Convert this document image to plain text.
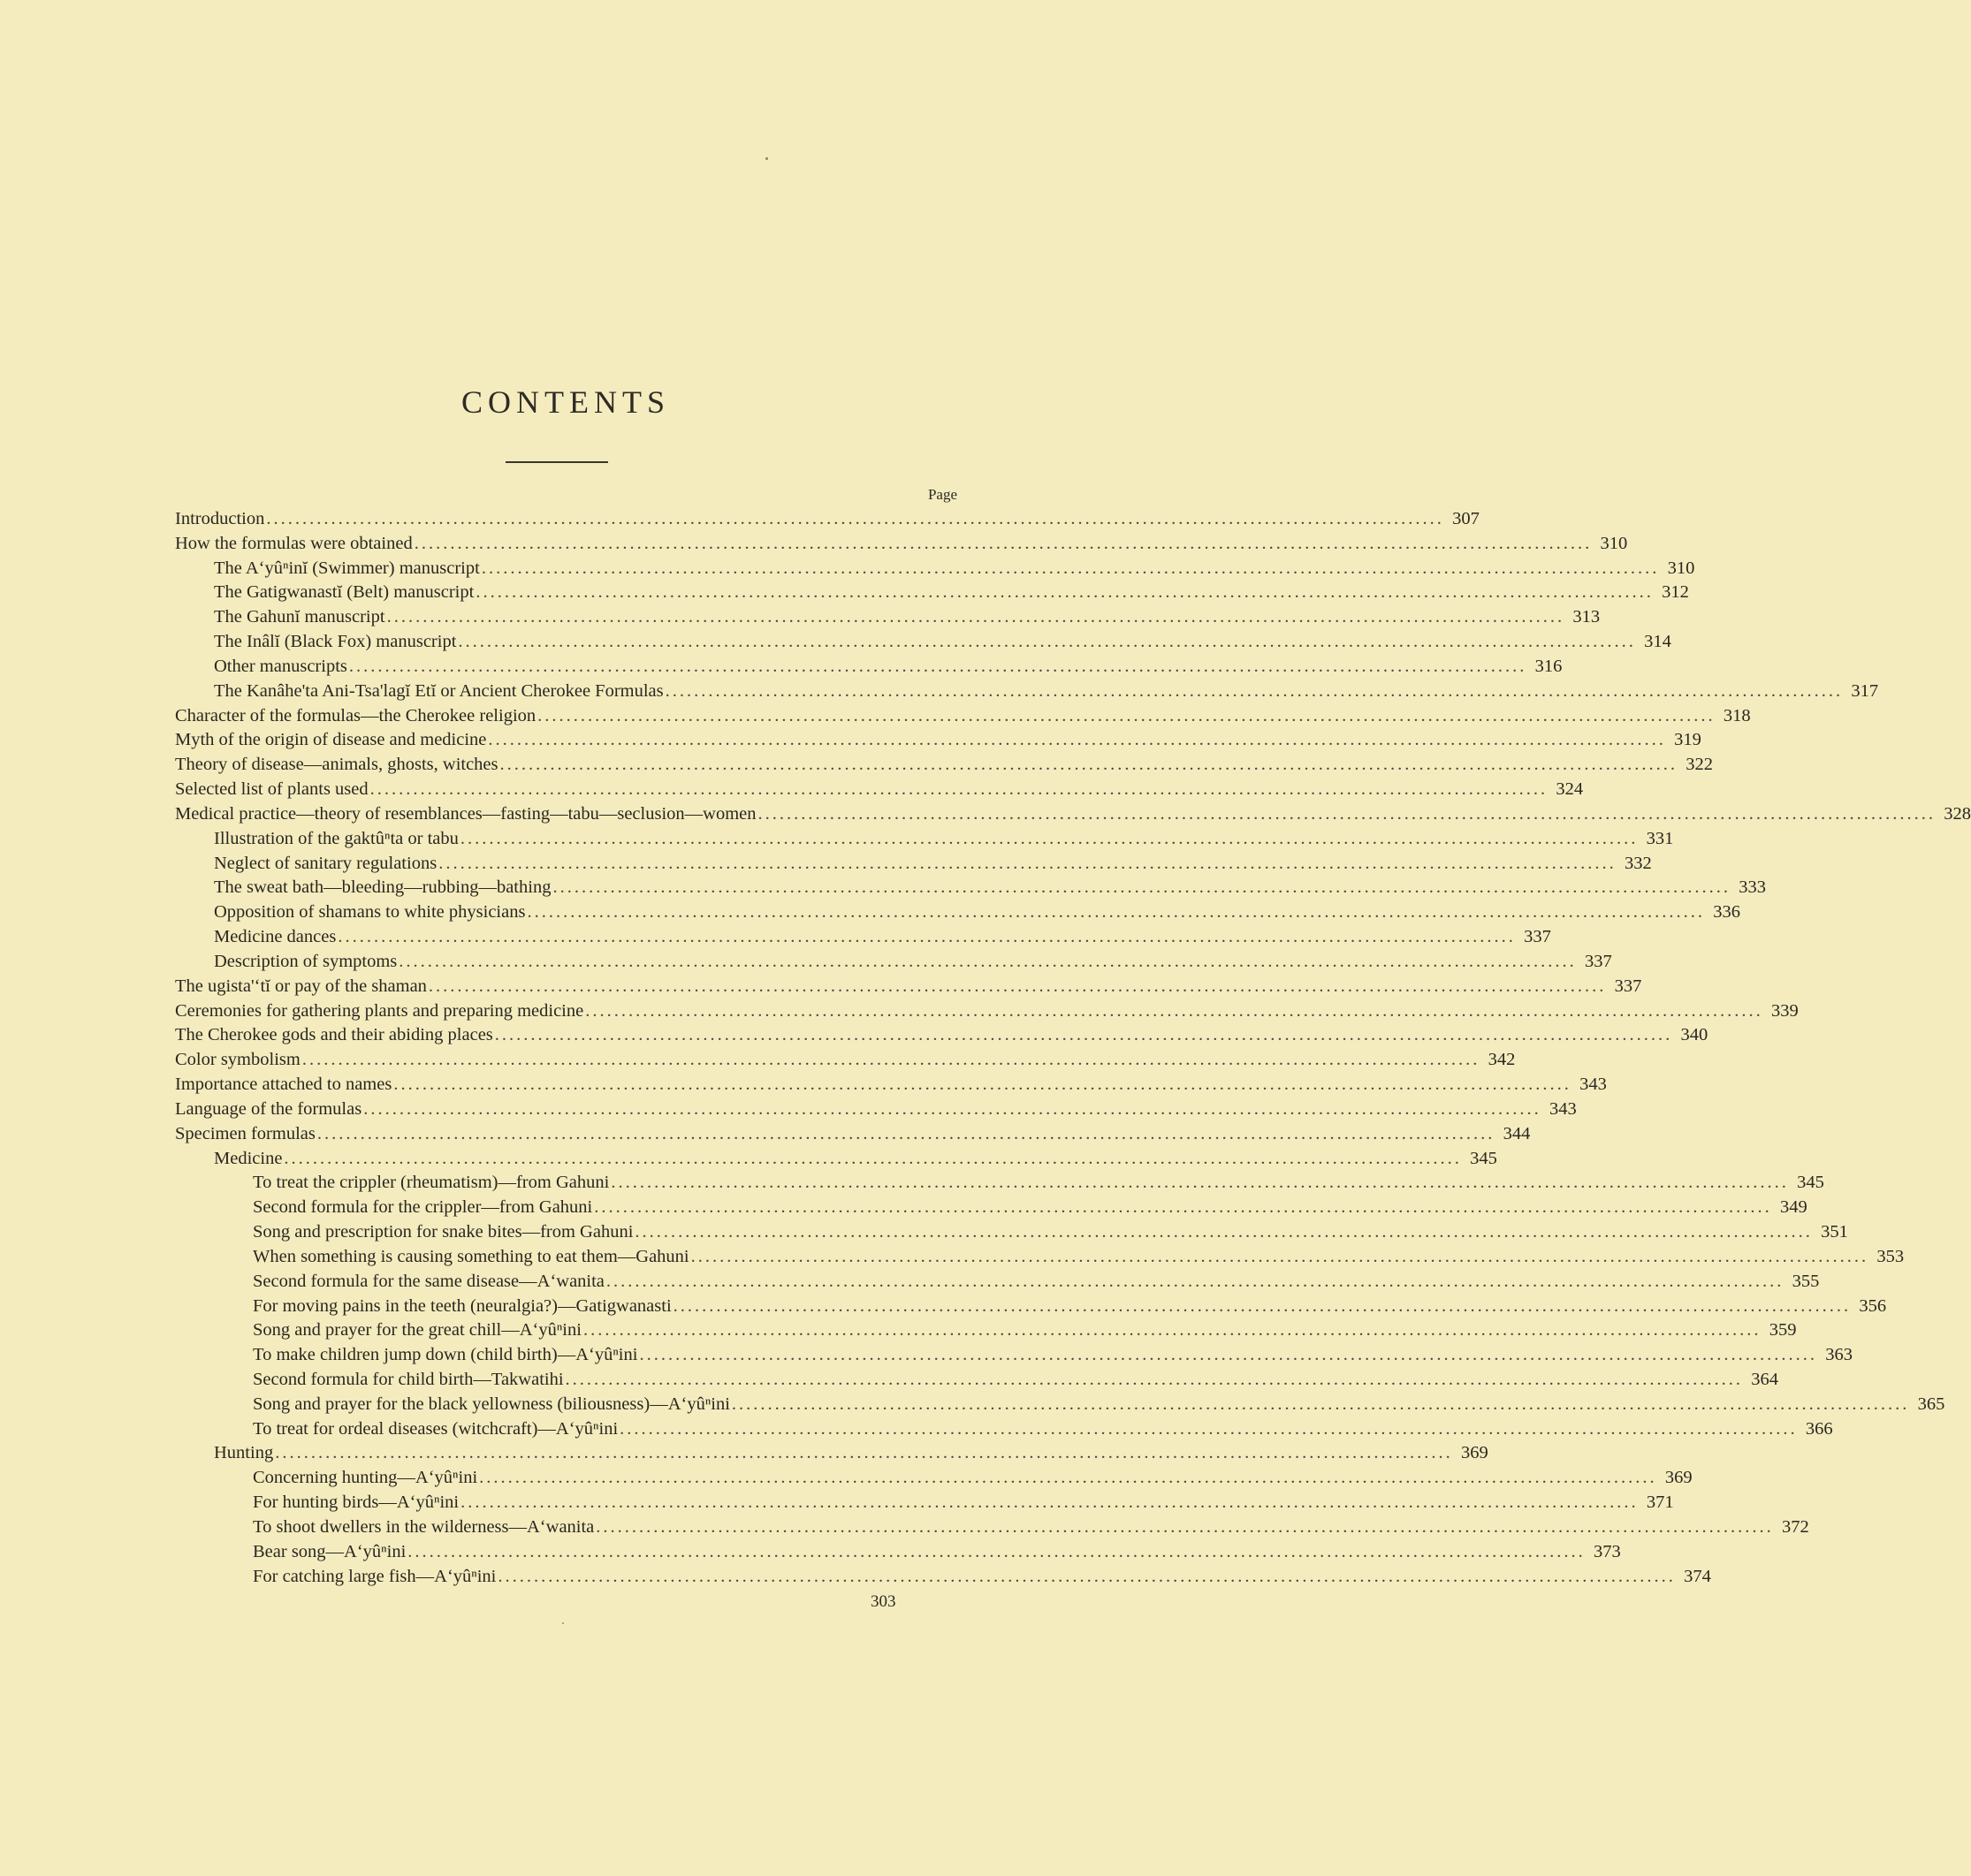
CONTENTS
Page
Introduction .....	307
How the formulas were obtained .....	310
The A‘yûⁿinĭ (Swimmer) manuscript .....	310
The Gatigwanastĭ (Belt) manuscript .....	312
The Gahunĭ manuscript .....	313
The Inâlĭ (Black Fox) manuscript .....	314
Other manuscripts .....	316
The Kanâhe'ta Ani-Tsa'lagĭ Etĭ or Ancient Cherokee Formulas .....	317
Character of the formulas—the Cherokee religion .....	318
Myth of the origin of disease and medicine .....	319
Theory of disease—animals, ghosts, witches .....	322
Selected list of plants used .....	324
Medical practice—theory of resemblances—fasting—tabu—seclusion—women .....	328
Illustration of the gaktûⁿta or tabu .....	331
Neglect of sanitary regulations .....	332
The sweat bath—bleeding—rubbing—bathing .....	333
Opposition of shamans to white physicians .....	336
Medicine dances .....	337
Description of symptoms .....	337
The ugista'‘tĭ or pay of the shaman .....	337
Ceremonies for gathering plants and preparing medicine .....	339
The Cherokee gods and their abiding places .....	340
Color symbolism .....	342
Importance attached to names .....	343
Language of the formulas .....	343
Specimen formulas .....	344
Medicine .....	345
To treat the crippler (rheumatism)—from Gahuni .....	345
Second formula for the crippler—from Gahuni .....	349
Song and prescription for snake bites—from Gahuni .....	351
When something is causing something to eat them—Gahuni .....	353
Second formula for the same disease—A‘wanita .....	355
For moving pains in the teeth (neuralgia?)—Gatigwanasti .....	356
Song and prayer for the great chill—A‘yûⁿini .....	359
To make children jump down (child birth)—A‘yûⁿini .....	363
Second formula for child birth—Takwatihi .....	364
Song and prayer for the black yellowness (biliousness)—A‘yûⁿini .....	365
To treat for ordeal diseases (witchcraft)—A‘yûⁿini .....	366
Hunting .....	369
Concerning hunting—A‘yûⁿini .....	369
For hunting birds—A‘yûⁿini .....	371
To shoot dwellers in the wilderness—A‘wanita .....	372
Bear song—A‘yûⁿini .....	373
For catching large fish—A‘yûⁿini .....	374
303
